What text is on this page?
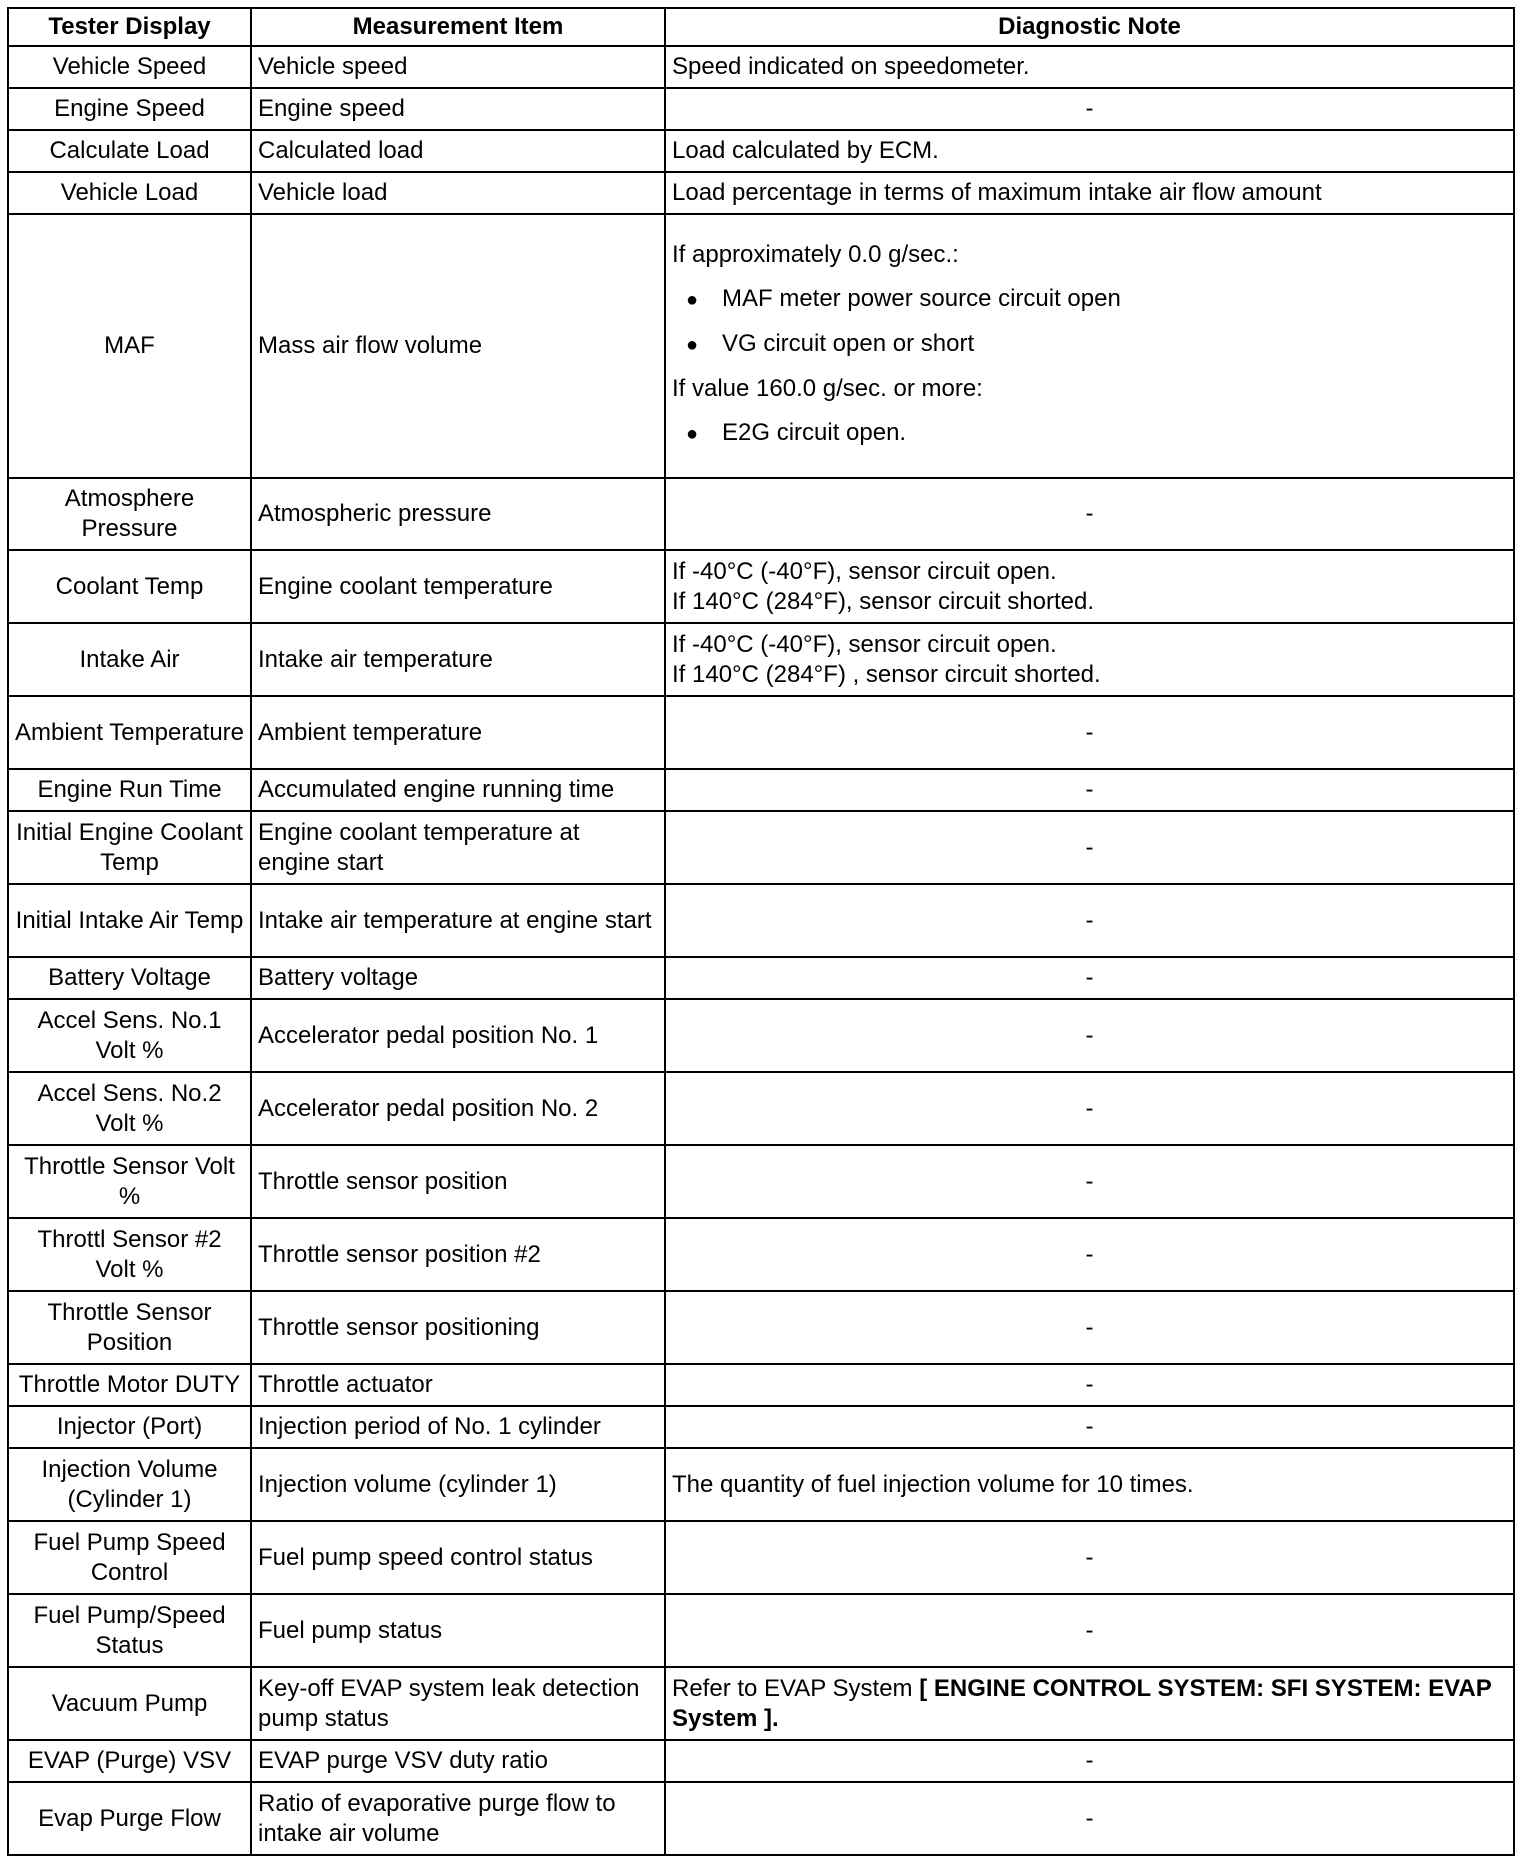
Tester Display	Measurement Item	Diagnostic Note
Vehicle Speed	Vehicle speed	Speed indicated on speedometer.
Engine Speed	Engine speed	-
Calculate Load	Calculated load	Load calculated by ECM.
Vehicle Load	Vehicle load	Load percentage in terms of maximum intake air flow amount
MAF	Mass air flow volume	If approximately 0.0 g/sec.:
● MAF meter power source circuit open
● VG circuit open or short
If value 160.0 g/sec. or more:
● E2G circuit open.

Atmosphere Pressure	Atmospheric pressure	-
Coolant Temp	Engine coolant temperature	If -40°C (-40°F), sensor circuit open.
If 140°C (284°F), sensor circuit shorted.

Intake Air	Intake air temperature	If -40°C (-40°F), sensor circuit open.
If 140°C (284°F) , sensor circuit shorted.

Ambient Temperature	Ambient temperature	-
Engine Run Time	Accumulated engine running time	-
Initial Engine Coolant Temp	Engine coolant temperature at engine start	-
Initial Intake Air Temp	Intake air temperature at engine start	-
Battery Voltage	Battery voltage	-
Accel Sens. No.1 Volt %	Accelerator pedal position No. 1	-
Accel Sens. No.2 Volt %	Accelerator pedal position No. 2	-
Throttle Sensor Volt %	Throttle sensor position	-
Throttl Sensor #2 Volt %	Throttle sensor position #2	-
Throttle Sensor Position	Throttle sensor positioning	-
Throttle Motor DUTY	Throttle actuator	-
Injector (Port)	Injection period of No. 1 cylinder	-
Injection Volume (Cylinder 1)	Injection volume (cylinder 1)	The quantity of fuel injection volume for 10 times.
Fuel Pump Speed Control	Fuel pump speed control status	-
Fuel Pump/Speed Status	Fuel pump status	-
Vacuum Pump	Key-off EVAP system leak detection pump status	Refer to EVAP System [ ENGINE CONTROL SYSTEM: SFI SYSTEM: EVAP System ].
EVAP (Purge) VSV	EVAP purge VSV duty ratio	-
Evap Purge Flow	Ratio of evaporative purge flow to intake air volume	-
